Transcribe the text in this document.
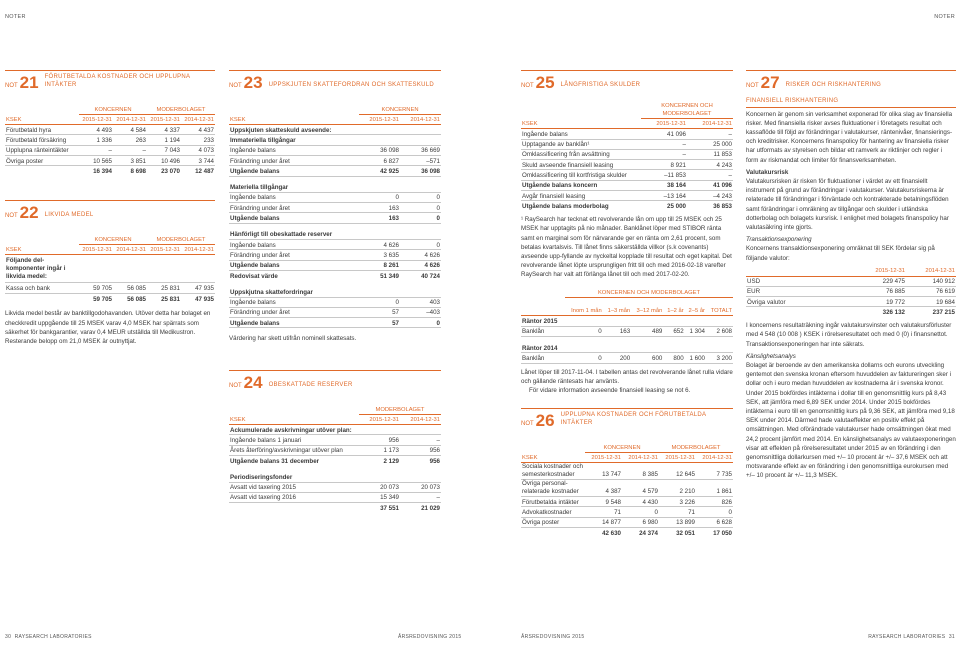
NOTER	NOTER
NOT 21 FÖRUTBETALDA KOSTNADER OCH UPPLUPNA INTÄKTER
	KONCERNEN		MODERBOLAGET	
KSEK	2015-12-31	2014-12-31	2015-12-31	2014-12-31
Förutbetald hyra	4 493	4 584	4 337	4 437
Förutbetald försäkring	1 336	263	1 194	233
Upplupna ränteintäkter	–	–	7 043	4 073
Övriga poster	10 565	3 851	10 496	3 744
	16 394	8 698	23 070	12 487
NOT 22 LIKVIDA MEDEL
	KONCERNEN		MODERBOLAGET	
KSEK	2015-12-31	2014-12-31	2015-12-31	2014-12-31
Följande del-komponenter ingår i likvida medel:				
Kassa och bank	59 705	56 085	25 831	47 935
	59 705	56 085	25 831	47 935

Likvida medel består av banktillgodohavanden. Utöver detta har bolaget en checkkredit uppgående till 25 MSEK varav 4,0 MSEK har spärrats som säkerhet för bankgarantier, varav 0,4 MEUR utställda till Medikustron. Resterande belopp om 21,0 MSEK är outnyttjat.

NOT 23 UPPSKJUTEN SKATTEFORDRAN OCH SKATTESKULD
	KONCERNEN	
KSEK	2015-12-31	2014-12-31
Uppskjuten skatteskuld avseende:		
Immateriella tillgångar		
Ingående balans	36 098	36 669
Förändring under året	6 827	–571
Utgående balans	42 925	36 098

Materiella tillgångar		
Ingående balans	0	0
Förändring under året	163	0
Utgående balans	163	0

Hänförligt till obeskattade reserver		
Ingående balans	4 626	0
Förändring under året	3 635	4 626
Utgående balans	8 261	4 626
Redovisat värde	51 349	40 724

Uppskjutna skattefordringar		
Ingående balans	0	403
Förändring under året	57	–403
Utgående balans	57	0

Värdering har skett utifrån nominell skattesats.

NOT 24 OBESKATTADE RESERVER
	MODERBOLAGET	
KSEK	2015-12-31	2014-12-31
Ackumulerade avskrivningar utöver plan:		
Ingående balans 1 januari	956	–
Årets återföring/avskrivningar utöver plan	1 173	956
Utgående balans 31 december	2 129	956

Periodiseringsfonder		
Avsatt vid taxering 2015	20 073	20 073
Avsatt vid taxering 2016	15 349	–
	37 551	21 029
NOT 25 LÅNGFRISTIGA SKULDER
	KONCERNEN OCH MODERBOLAGET	
KSEK	2015-12-31	2014-12-31
Ingående balans	41 096	–
Upptagande av banklån¹	–	25 000
Omklassificering från avsättning	–	11 853
Skuld avseende finansiell leasing	8 921	4 243
Omklassificering till kortfristiga skulder	–11 853	–
Utgående balans koncern	38 164	41 096
Avgår finansiell leasing	–13 164	–4 243
Utgående balans moderbolag	25 000	36 853

¹ RaySearch har tecknat ett revolverande lån om upp till 25 MSEK och 25 MSEK har upptagits på nio månader. Banklånet löper med STIBOR räntа samt en marginal som för närvarande ger en ränta om 2,61 procent, som betalas kvartalsvis. Till lånet finns säkerställda villkor (s.k covenants) avseende upp-fyllande av nyckeltal kopplade till resultat och eget kapital. Det revolverande lånet löpte ursprungligen fritt till och med 2016-02-18 varefter RaySearch har valt att förlänga lånet till och med 2017-02-20.

	KONCERNEN OCH MODERBOLAGET					
	Inom 1 mån	1–3 mån	3–12 mån	1–2 år	2–5 år	TOTALT
Räntor 2015						
Banklån	0	163	489	652	1 304	2 608

Räntor 2014						
Banklån	0	200	600	800	1 600	3 200

Lånet löper till 2017-11-04. I tabellen antas det revolverande lånet rulla vidare och gällande räntesats har använts.

För vidare information avseende finansiell leasing se not 6.

NOT 26 UPPLUPNA KOSTNADER OCH FÖRUTBETALDA INTÄKTER
	KONCERNEN		MODERBOLAGET	
KSEK	2015-12-31	2014-12-31	2015-12-31	2014-12-31
Sociala kostnader och semesterkostnader	13 747	8 385	12 645	7 735
Övriga personal-relaterade kostnader	4 387	4 579	2 210	1 861
Förutbetalda intäkter	9 548	4 430	3 226	826
Advokatkostnader	71	0	71	0
Övriga poster	14 877	6 980	13 899	6 628
	42 630	24 374	32 051	17 050
NOT 27 RISKER OCH RISKHANTERING
FINANSIELL RISKHANTERING

Koncernen är genom sin verksamhet exponerad för olika slag av finansiella risker. Med finansiella risker avses fluktuationer i företagets resultat och kassaflöde till följd av förändringar i valutakurser, räntenivåer, finansierings- och kreditrisker. Koncernens finanspolicy för hantering av finansiella risker har utformats av styrelsen och bildar ett ramverk av riktlinjer och regler i form av riskmandat och limiter för finansverksamheten.

Valutakursrisk

Valutakursrisken är risken för fluktuationer i värdet av ett finansiellt instrument på grund av förändringar i valutakurser. Valutakursriskerna är relaterade till förändringar i förväntade och kontrakterade betalningsflöden samt förändringar i omräkning av tillgångar och skulder i utländska dotterbolag och bolagets kursrisk. I enlighet med bolagets finanspolicy har valutasäkring inte gjorts.

Transaktionsexponering

Koncernens transaktionsexponering omräknat till SEK fördelar sig på följande valutor:

	2015-12-31	2014-12-31
USD	229 475	140 912
EUR	76 885	76 619
Övriga valutor	19 772	19 684
	326 132	237 215

I koncernens resultaträkning ingår valutakursvinster och valutakursförluster med 4 548 (10 008 ) KSEK i rörelseresultatet och med 0 (0) i finansnettot. Transaktionsexponeringen har inte säkrats.

Känslighetsanalys

Bolaget är beroende av den amerikanska dollarns och eurons utveckling gentemot den svenska kronan eftersom huvuddelen av faktureringen sker i dollar och i euro medan huvuddelen av kostnaderna är i svenska kronor. Under 2015 bokfördes intäkterna i dollar till en genomsnittlig kurs på 8,43 SEK, att jämföra med 6,89 SEK under 2014. Under 2015 bokfördes intäkterna i euro till en genomsnittlig kurs på 9,36 SEK, att jämföra med 9,18 SEK under 2014. Därmed hade valutaeffekter en positiv effekt på omsättningen. Med oförändrade valutakurser hade omsättningen ökat med 24,2 procent jämfört med 2014. En känslighetsanalys av valutaexponeringen visar att effekten på rörelseresultatet under 2015 av en förändring i den genomsnittliga dollarkursen med +/– 10 procent är +/– 37,6 MSEK och att motsvarande effekt av en förändring i den genomsnittliga eurokursen med +/– 10 procent är +/– 11,3 MSEK.

30 RAYSEARCH LABORATORIES	ÅRSREDOVISNING 2015	ÅRSREDOVISNING 2015	RAYSEARCH LABORATORIES 31
